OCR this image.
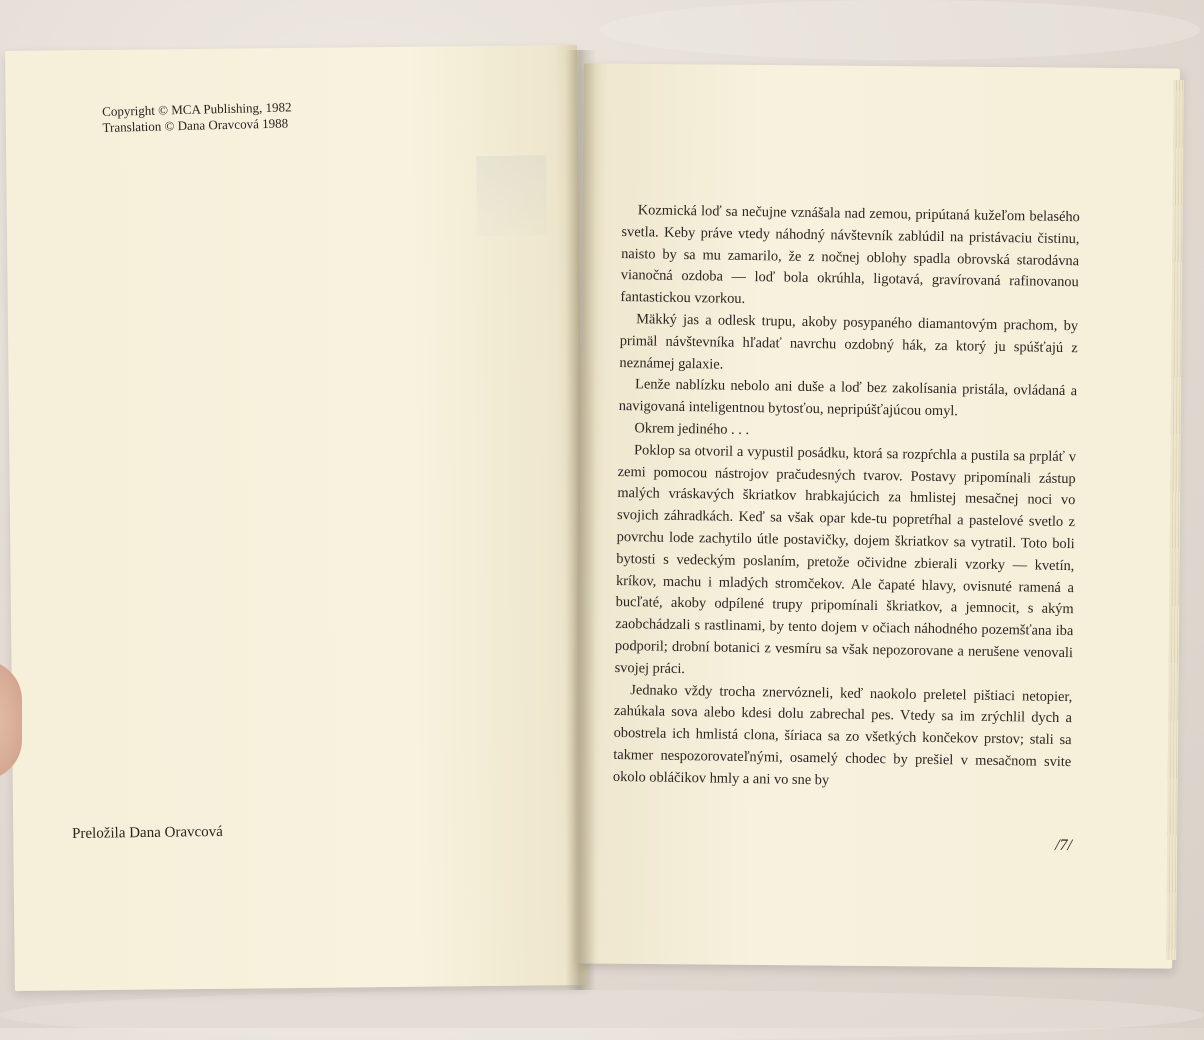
Copyright © MCA Publishing, 1982
Translation © Dana Oravcová 1988
Preložila Dana Oravcová

Kozmická loď sa nečujne vznášala nad zemou, pripútaná kužeľom belasého svetla. Keby práve vtedy náhodný návštevník zablúdil na pristávaciu čistinu, naisto by sa mu zamarilo, že z nočnej oblohy spadla obrovská starodávna vianočná ozdoba — loď bola okrúhla, ligotavá, gravírovaná rafinovanou fantastickou vzorkou.

Mäkký jas a odlesk trupu, akoby posypaného diamantovým prachom, by primäl návštevníka hľadať navrchu ozdobný hák, za ktorý ju spúšťajú z neznámej galaxie.

Lenže nablízku nebolo ani duše a loď bez zakolísania pristála, ovládaná a navigovaná inteligentnou bytosťou, nepripúšťajúcou omyl.

Okrem jediného . . .

Poklop sa otvoril a vypustil posádku, ktorá sa rozpŕchla a pustila sa prpláť v zemi pomocou nástrojov pračudesných tvarov. Postavy pripomínali zástup malých vráskavých škriatkov hrabkajúcich za hmlistej mesačnej noci vo svojich záhradkách. Keď sa však opar kde-tu popretŕhal a pastelové svetlo z povrchu lode zachytilo útle postavičky, dojem škriatkov sa vytratil. Toto boli bytosti s vedeckým poslaním, pretože očividne zbierali vzorky — kvetín, kríkov, machu i mladých stromčekov. Ale čapaté hlavy, ovisnuté ramená a bucľaté, akoby odpílené trupy pripomínali škriatkov, a jemnocit, s akým zaobchádzali s rastlinami, by tento dojem v očiach náhodného pozemšťana iba podporil; drobní botanici z vesmíru sa však nepozorovane a nerušene venovali svojej práci.

Jednako vždy trocha znervózneli, keď naokolo preletel pištiaci netopier, zahúkala sova alebo kdesi dolu zabrechal pes. Vtedy sa im zrýchlil dych a obostrela ich hmlistá clona, šíriaca sa zo všetkých končekov prstov; stali sa takmer nespozorovateľnými, osamelý chodec by prešiel v mesačnom svite okolo obláčikov hmly a ani vo sne by

/7/
